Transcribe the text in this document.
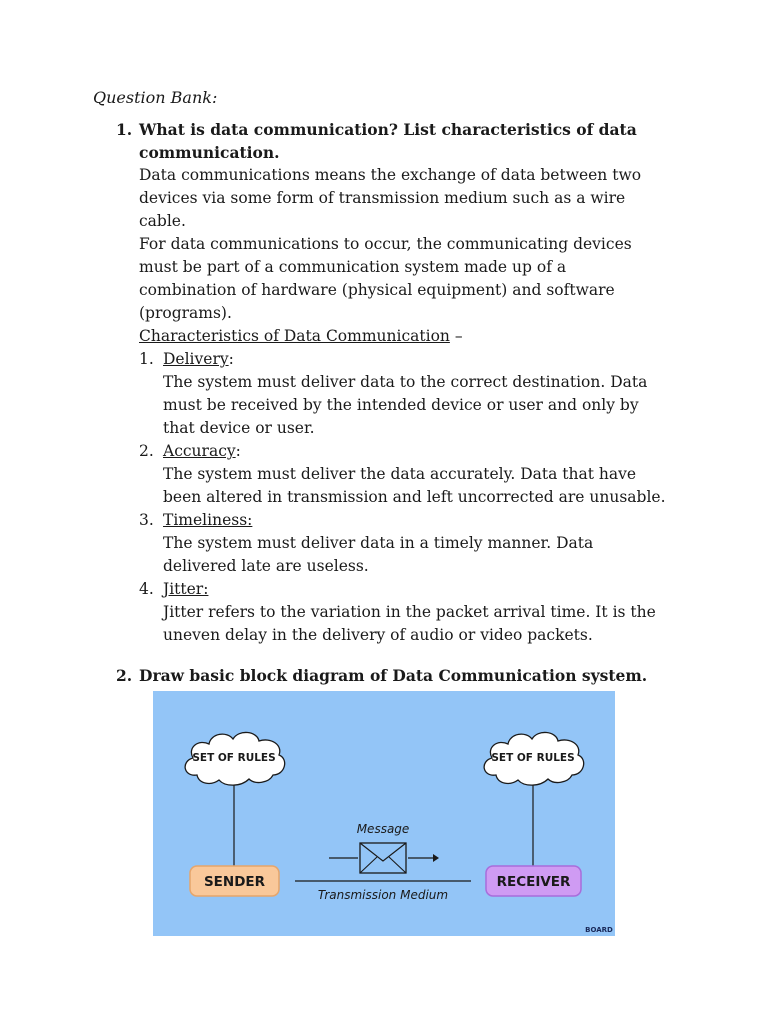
Question Bank:

1. What is data communication? List characteristics of data
communication.

Data communications means the exchange of data between two
devices via some form of transmission medium such as a wire
cable.

For data communications to occur, the communicating devices
must be part of a communication system made up of a
combination of hardware (physical equipment) and software
(programs).

Characteristics of Data Communication –

1. Delivery:

The system must deliver data to the correct destination. Data
must be received by the intended device or user and only by
that device or user.

2. Accuracy:

The system must deliver the data accurately. Data that have
been altered in transmission and left uncorrected are unusable.

3. Timeliness:

The system must deliver data in a timely manner. Data
delivered late are useless.

4. Jitter:

Jitter refers to the variation in the packet arrival time. It is the
uneven delay in the delivery of audio or video packets.

2. Draw basic block diagram of Data Communication system.

SET OF RULES	SET OF RULES
Message
SENDER	RECEIVER
Transmission Medium
BOARD
